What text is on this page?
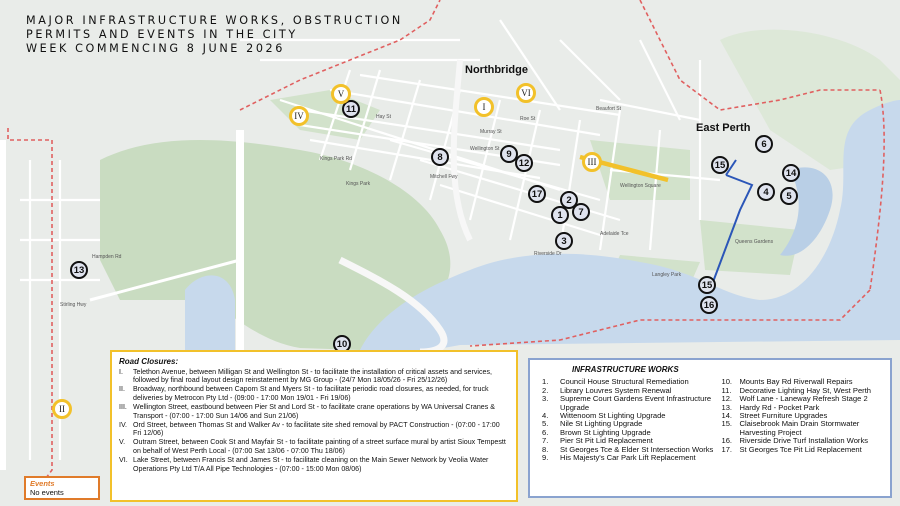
Kings Park	Wellington Square
Queens Gardens
Langley Park
Hay St
Murray St
Adelaide Tce
Riverside Dr
Kings Park Rd
Roe St
Beaufort St
Hampden Rd
Stirling Hwy
Wellington St
Mitchell Fwy
MAJOR INFRASTRUCTURE WORKS, OBSTRUCTION
PERMITS AND EVENTS IN THE CITY
WEEK COMMENCING 8 JUNE 2026
Northbridge
East Perth
1
2
3
4	5
6
7
8	9
10
11
12
13
14
15
15
16
17
I
II
III
IV
V	VI
Road Closures:
I.	Telethon Avenue, between Milligan St and Wellington St - to facilitate the installation of critical assets and services, followed by final road layout design reinstatement by MG Group - (24/7 Mon 18/05/26 - Fri 25/12/26)
II.	Broadway, northbound between Caporn St and Myers St - to facilitate periodic road closures, as needed, for truck deliveries by Metrocon Pty Ltd - (09:00 - 17:00 Mon 19/01 - Fri 19/06)
III. Wellington Street, eastbound between Pier St and Lord St - to facilitate crane operations by WA Universal Cranes & Transport - (07:00 - 17:00 Sun 14/06 and Sun 21/06)
IV. Ord Street, between Thomas St and Walker Av - to facilitate site shed removal by PACT Construction - (07:00 - 17:00 Fri 12/06)
V.	Outram Street, between Cook St and Mayfair St - to facilitate painting of a street surface mural by artist Sioux Tempestt on behalf of West Perth Local - (07:00 Sat 13/06 - 07:00 Thu 18/06)
VI. Lake Street, between Francis St and James St - to facilitate cleaning on the Main Sewer Network by Veolia Water Operations Pty Ltd T/A All Pipe Technologies - (07:00 - 15:00 Mon 08/06)
INFRASTRUCTURE WORKS
1.	Council House Structural Remediation
2.	Library Louvres System Renewal
3.	Supreme Court Gardens Event Infrastructure Upgrade
4.	Wittenoom St Lighting Upgrade
5.	Nile St Lighting Upgrade
6.	Brown St Lighting Upgrade
7.	Pier St Pit Lid Replacement
8.	St Georges Tce & Elder St Intersection Works
9.	His Majesty's Car Park Lift Replacement
10. Mounts Bay Rd Riverwall Repairs
11.	Decorative Lighting Hay St, West Perth
12. Wolf Lane - Laneway Refresh Stage 2
13. Hardy Rd - Pocket Park
14. Street Furniture Upgrades
15. Claisebrook Main Drain Stormwater Harvesting Project
16. Riverside Drive Turf Installation Works
17. St Georges Tce Pit Lid Replacement
Events
No events
